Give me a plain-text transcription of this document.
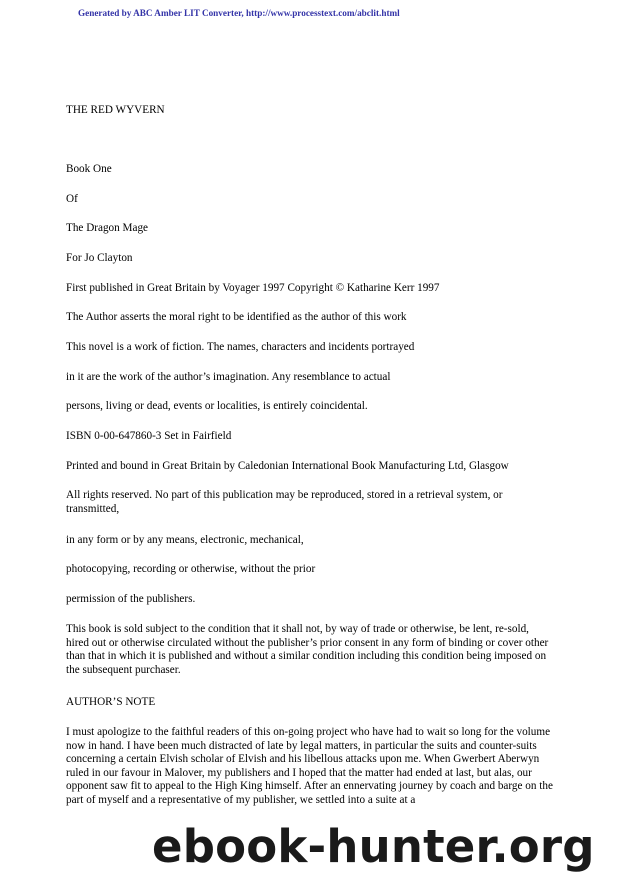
Generated by ABC Amber LIT Converter, http://www.processtext.com/abclit.html

THE RED WYVERN

Book One

Of

The Dragon Mage

For Jo Clayton

First published in Great Britain by Voyager 1997 Copyright © Katharine Kerr 1997

The Author asserts the moral right to be identified as the author of this work

This novel is a work of fiction. The names, characters and incidents portrayed

in it are the work of the author’s imagination. Any resemblance to actual

persons, living or dead, events or localities, is entirely coincidental.

ISBN 0-00-647860-3 Set in Fairfield

Printed and bound in Great Britain by Caledonian International Book Manufacturing Ltd, Glasgow

All rights reserved. No part of this publication may be reproduced, stored in a retrieval system, or transmitted,

in any form or by any means, electronic, mechanical,

photocopying, recording or otherwise, without the prior

permission of the publishers.

This book is sold subject to the condition that it shall not, by way of trade or otherwise, be lent, re-sold, hired out or otherwise circulated without the publisher’s prior consent in any form of binding or cover other than that in which it is published and without a similar condition including this condition being imposed on the subsequent purchaser.

AUTHOR’S NOTE

I must apologize to the faithful readers of this on-going project who have had to wait so long for the volume now in hand. I have been much distracted of late by legal matters, in particular the suits and counter-suits concerning a certain Elvish scholar of Elvish and his libellous attacks upon me. When Gwerbert Aberwyn ruled in our favour in Malover, my publishers and I hoped that the matter had ended at last, but alas, our opponent saw fit to appeal to the High King himself. After an ennervating journey by coach and barge on the part of myself and a representative of my publisher, we settled into a suite at a

ebook-hunter.org
